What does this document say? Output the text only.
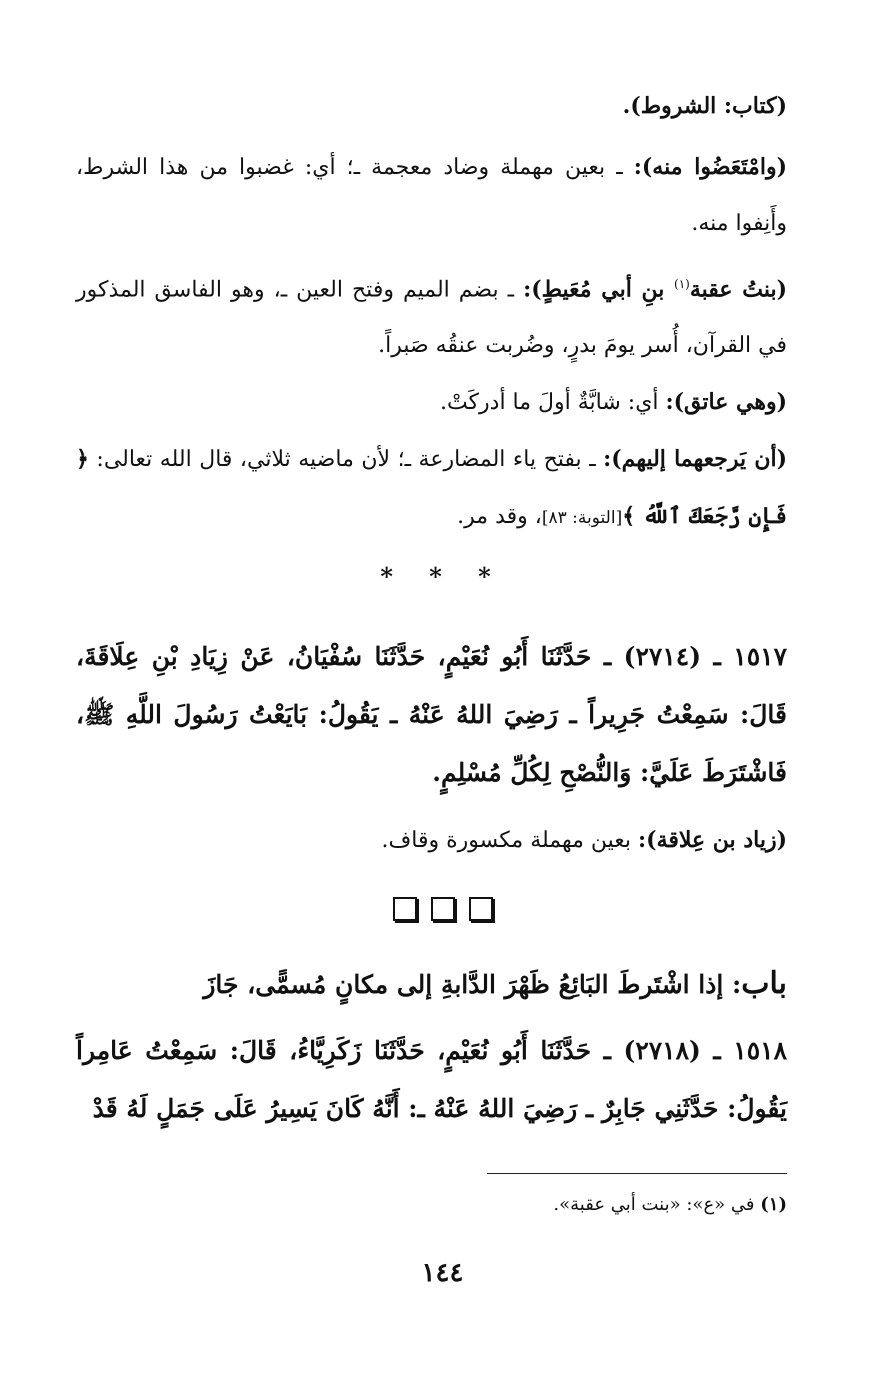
(كتاب: الشروط).

(وامْتَعَضُوا منه): ـ بعين مهملة وضاد معجمة ـ؛ أي: غضبوا من هذا الشرط، وأَنِفوا منه.

(بنتُ عقبة$^{(١)}$ بنِ أبي مُعَيطٍ): ـ بضم الميم وفتح العين ـ، وهو الفاسق المذكور في القرآن، أُسر يومَ بدرٍ، وضُربت عنقُه صَبراً.

(وهي عاتق): أي: شابَّةٌ أولَ ما أدركَتْ.

(أن يَرجعهما إليهم): ـ بفتح ياء المضارعة ـ؛ لأن ماضيه ثلاثي، قال الله تعالى: ﴿ فَإِن رَّجَعَكَ ٱللَّهُ ﴾[التوبة: ٨٣]، وقد مر.

* * *

١٥١٧ ـ (٢٧١٤) ـ حَدَّثَنَا أَبُو نُعَيْمٍ، حَدَّثَنَا سُفْيَانُ، عَنْ زِيَادِ بْنِ عِلَاقَةَ، قَالَ: سَمِعْتُ جَرِيراً ـ رَضِيَ اللهُ عَنْهُ ـ يَقُولُ: بَايَعْتُ رَسُولَ اللَّهِ ﷺ، فَاشْتَرَطَ عَلَيَّ: وَالنُّصْحِ لِكُلِّ مُسْلِمٍ.

(زياد بن عِلاقة): بعين مهملة مكسورة وقاف.

باب: إذا اشْتَرطَ البَائِعُ ظَهْرَ الدَّابةِ إلى مكانٍ مُسمًّى، جَازَ

١٥١٨ ـ (٢٧١٨) ـ حَدَّثَنَا أَبُو نُعَيْمٍ، حَدَّثَنَا زَكَرِيَّاءُ، قَالَ: سَمِعْتُ عَامِراً يَقُولُ: حَدَّثَنِي جَابِرٌ ـ رَضِيَ اللهُ عَنْهُ ـ: أَنَّهُ كَانَ يَسِيرُ عَلَى جَمَلٍ لَهُ قَدْ

(١) في «ع»: «بنت أبي عقبة».
١٤٤
